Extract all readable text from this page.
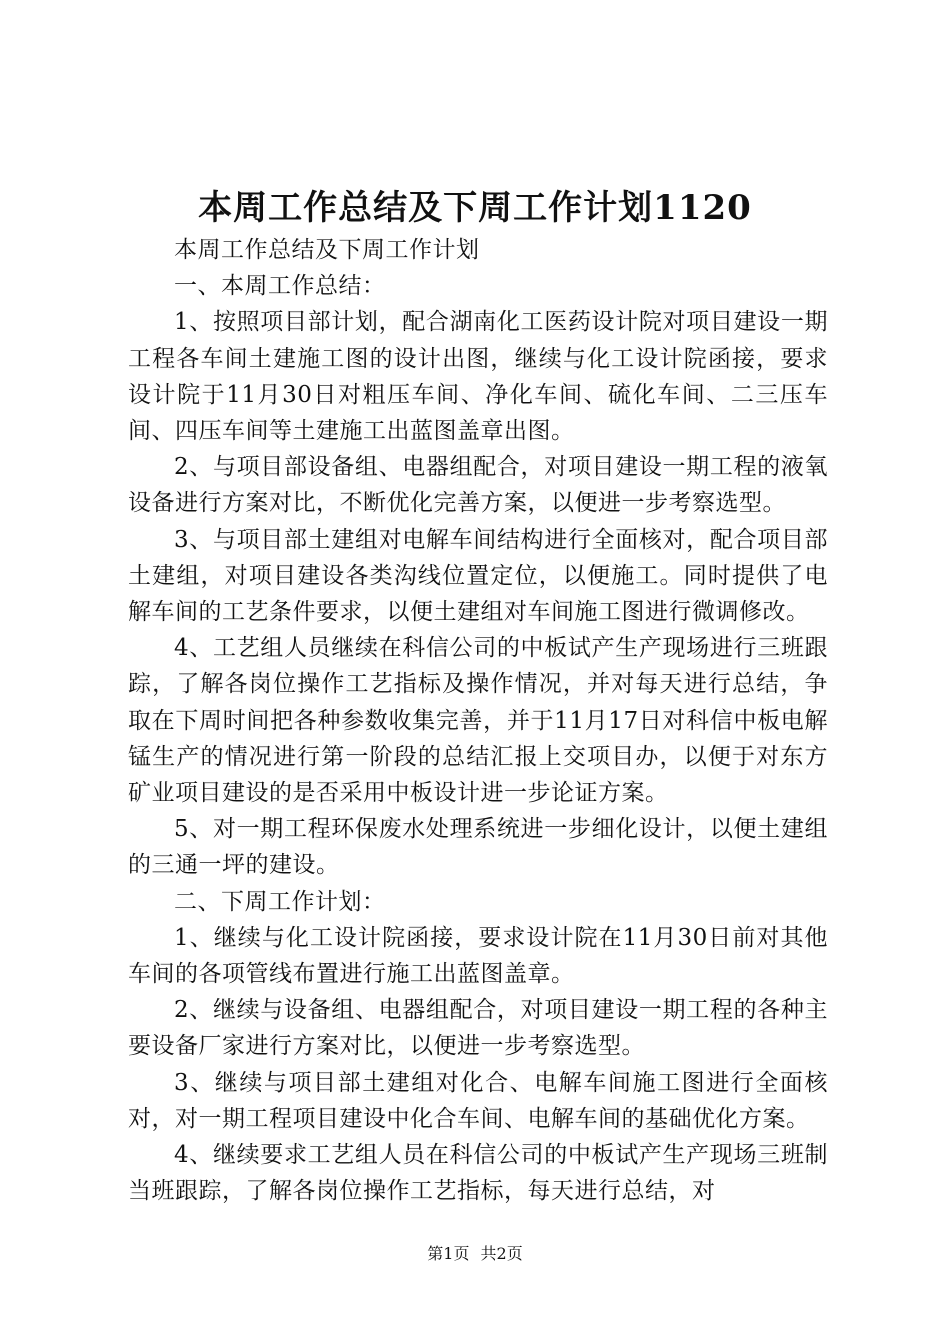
本周工作总结及下周工作计划1120

本周工作总结及下周工作计划

一、本周工作总结：

1、按照项目部计划，配合湖南化工医药设计院对项目建设一期工程各车间土建施工图的设计出图，继续与化工设计院函接，要求设计院于11月30日对粗压车间、净化车间、硫化车间、二三压车间、四压车间等土建施工出蓝图盖章出图。

2、与项目部设备组、电器组配合，对项目建设一期工程的液氧设备进行方案对比，不断优化完善方案，以便进一步考察选型。

3、与项目部土建组对电解车间结构进行全面核对，配合项目部土建组，对项目建设各类沟线位置定位，以便施工。同时提供了电解车间的工艺条件要求，以便土建组对车间施工图进行微调修改。

4、工艺组人员继续在科信公司的中板试产生产现场进行三班跟踪，了解各岗位操作工艺指标及操作情况，并对每天进行总结，争取在下周时间把各种参数收集完善，并于11月17日对科信中板电解锰生产的情况进行第一阶段的总结汇报上交项目办，以便于对东方矿业项目建设的是否采用中板设计进一步论证方案。

5、对一期工程环保废水处理系统进一步细化设计，以便土建组的三通一坪的建设。

二、下周工作计划：

1、继续与化工设计院函接，要求设计院在11月30日前对其他车间的各项管线布置进行施工出蓝图盖章。

2、继续与设备组、电器组配合，对项目建设一期工程的各种主要设备厂家进行方案对比，以便进一步考察选型。

3、继续与项目部土建组对化合、电解车间施工图进行全面核对，对一期工程项目建设中化合车间、电解车间的基础优化方案。

4、继续要求工艺组人员在科信公司的中板试产生产现场三班制当班跟踪，了解各岗位操作工艺指标，每天进行总结，对

第1页 共2页
